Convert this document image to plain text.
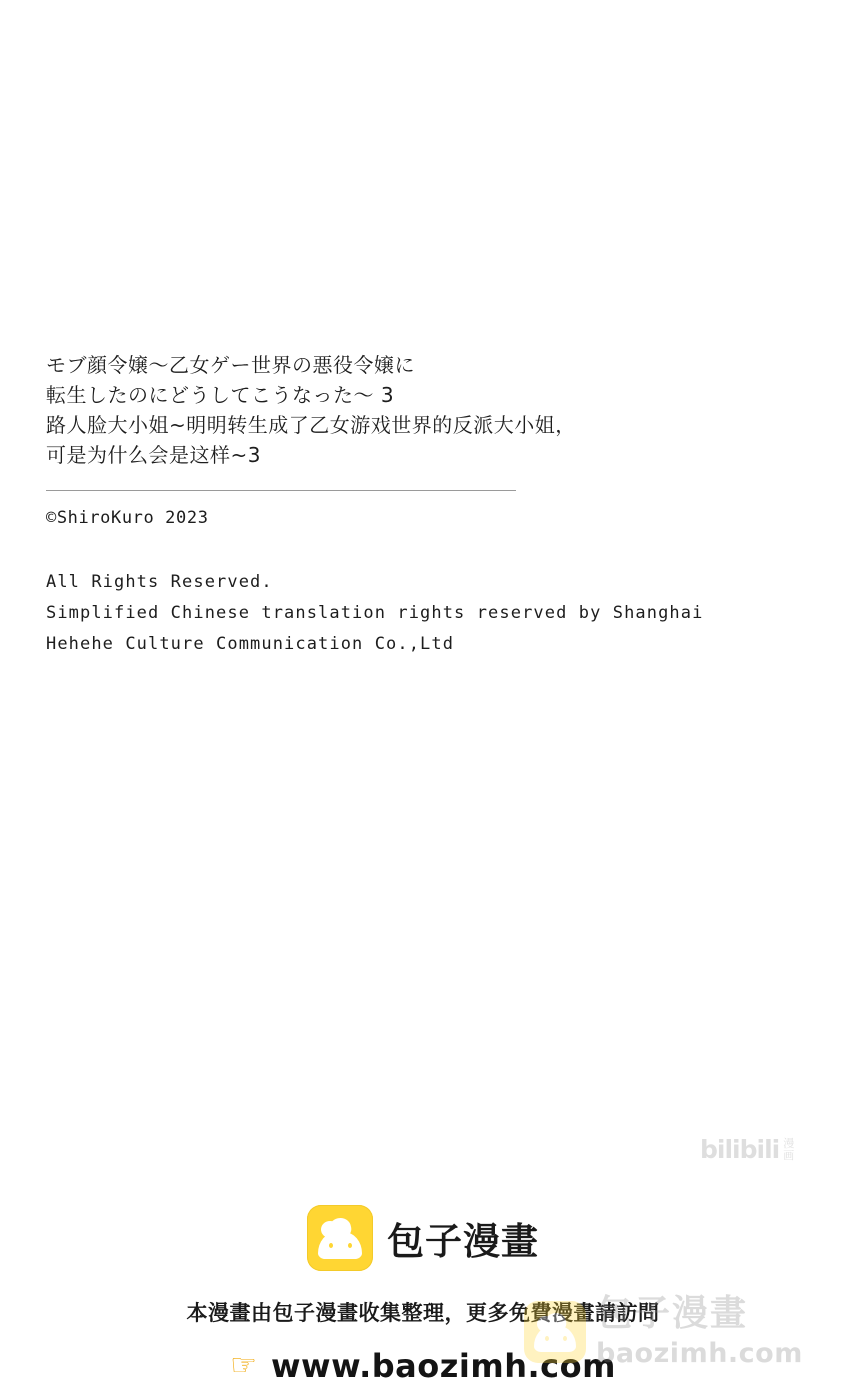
モブ顔令嬢～乙女ゲー世界の悪役令嬢に
転生したのにどうしてこうなった～ 3
路人脸大小姐~明明转生成了乙女游戏世界的反派大小姐，
可是为什么会是这样~3
©ShiroKuro 2023
All Rights Reserved.
Simplified Chinese translation rights reserved by Shanghai
Hehehe Culture Communication Co.,Ltd
bilibili 漫
画
包子漫畫
本漫畫由包子漫畫收集整理，更多免費漫畫請訪問
☞ www.baozimh.com
包子漫畫
baozimh.com
